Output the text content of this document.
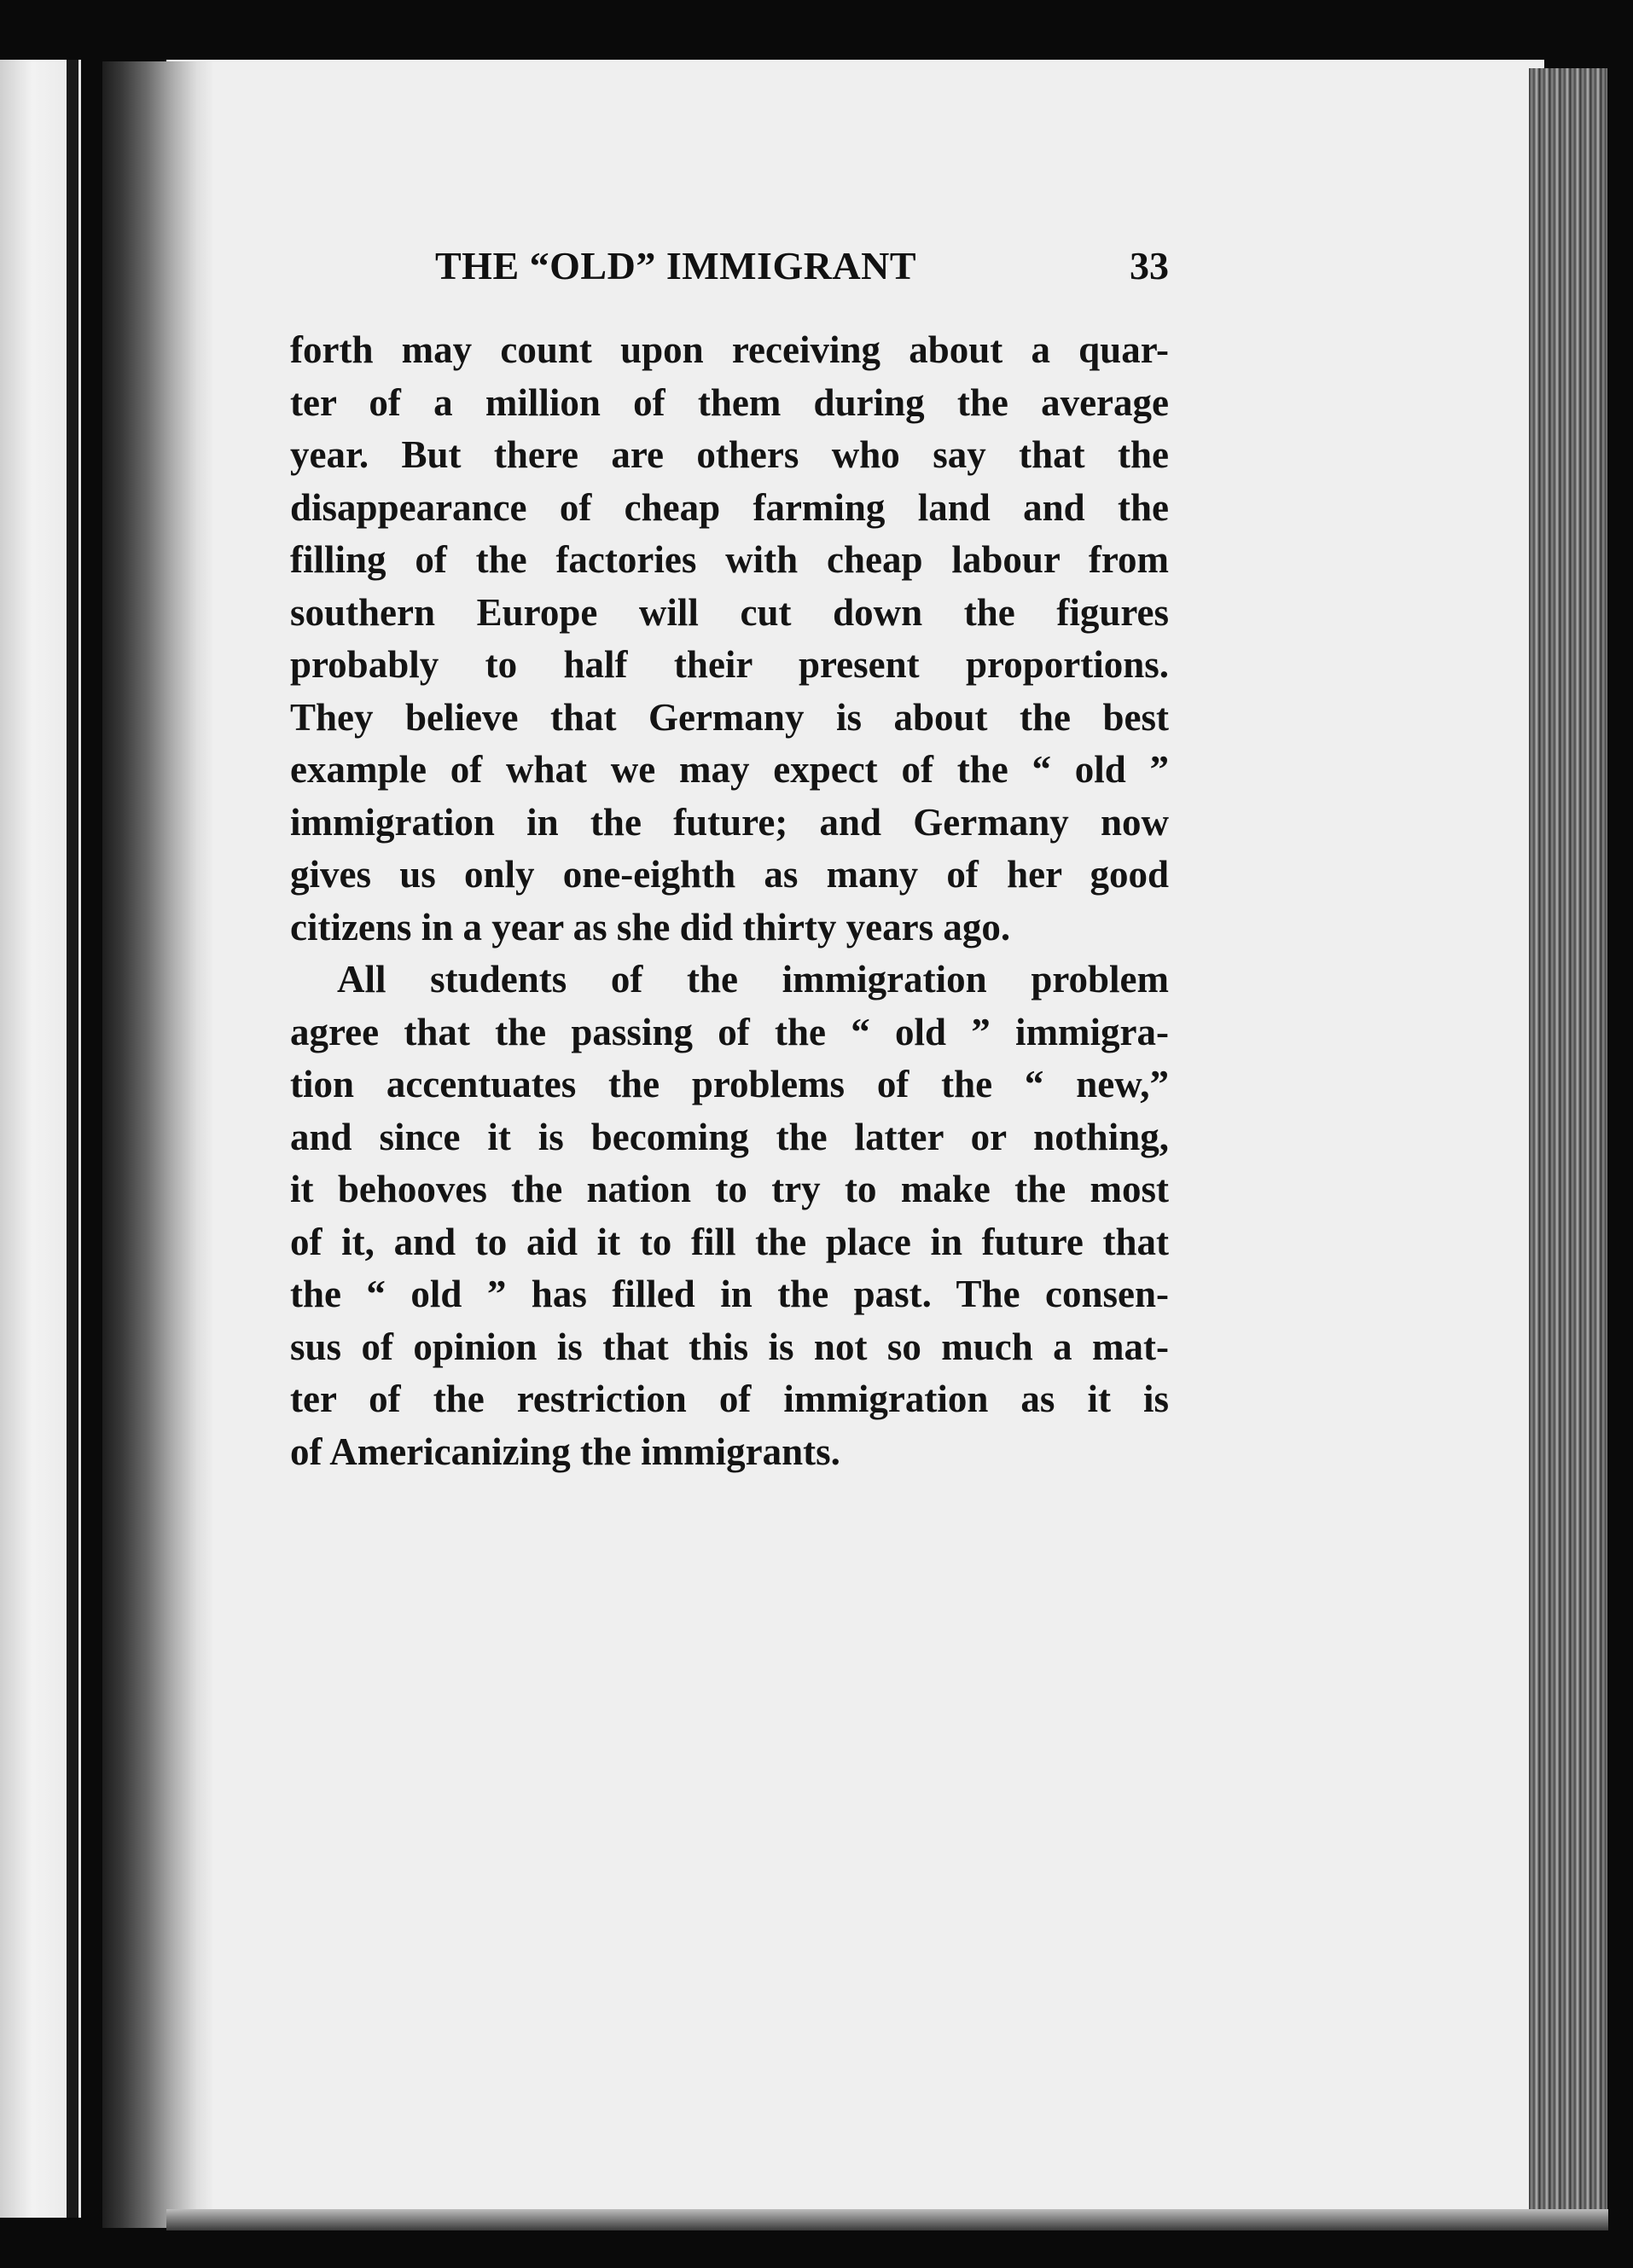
THE “OLD” IMMIGRANT	33
forth may count upon receiving about a quar-
ter of a million of them during the average
year. But there are others who say that the
disappearance of cheap farming land and the
filling of the factories with cheap labour from
southern Europe will cut down the figures
probably to half their present proportions.
They believe that Germany is about the best
example of what we may expect of the “ old ”
immigration in the future; and Germany now
gives us only one-eighth as many of her good
citizens in a year as she did thirty years ago.
All students of the immigration problem
agree that the passing of the “ old ” immigra-
tion accentuates the problems of the “ new,”
and since it is becoming the latter or nothing,
it behooves the nation to try to make the most
of it, and to aid it to fill the place in future that
the “ old ” has filled in the past. The consen-
sus of opinion is that this is not so much a mat-
ter of the restriction of immigration as it is
of Americanizing the immigrants.
